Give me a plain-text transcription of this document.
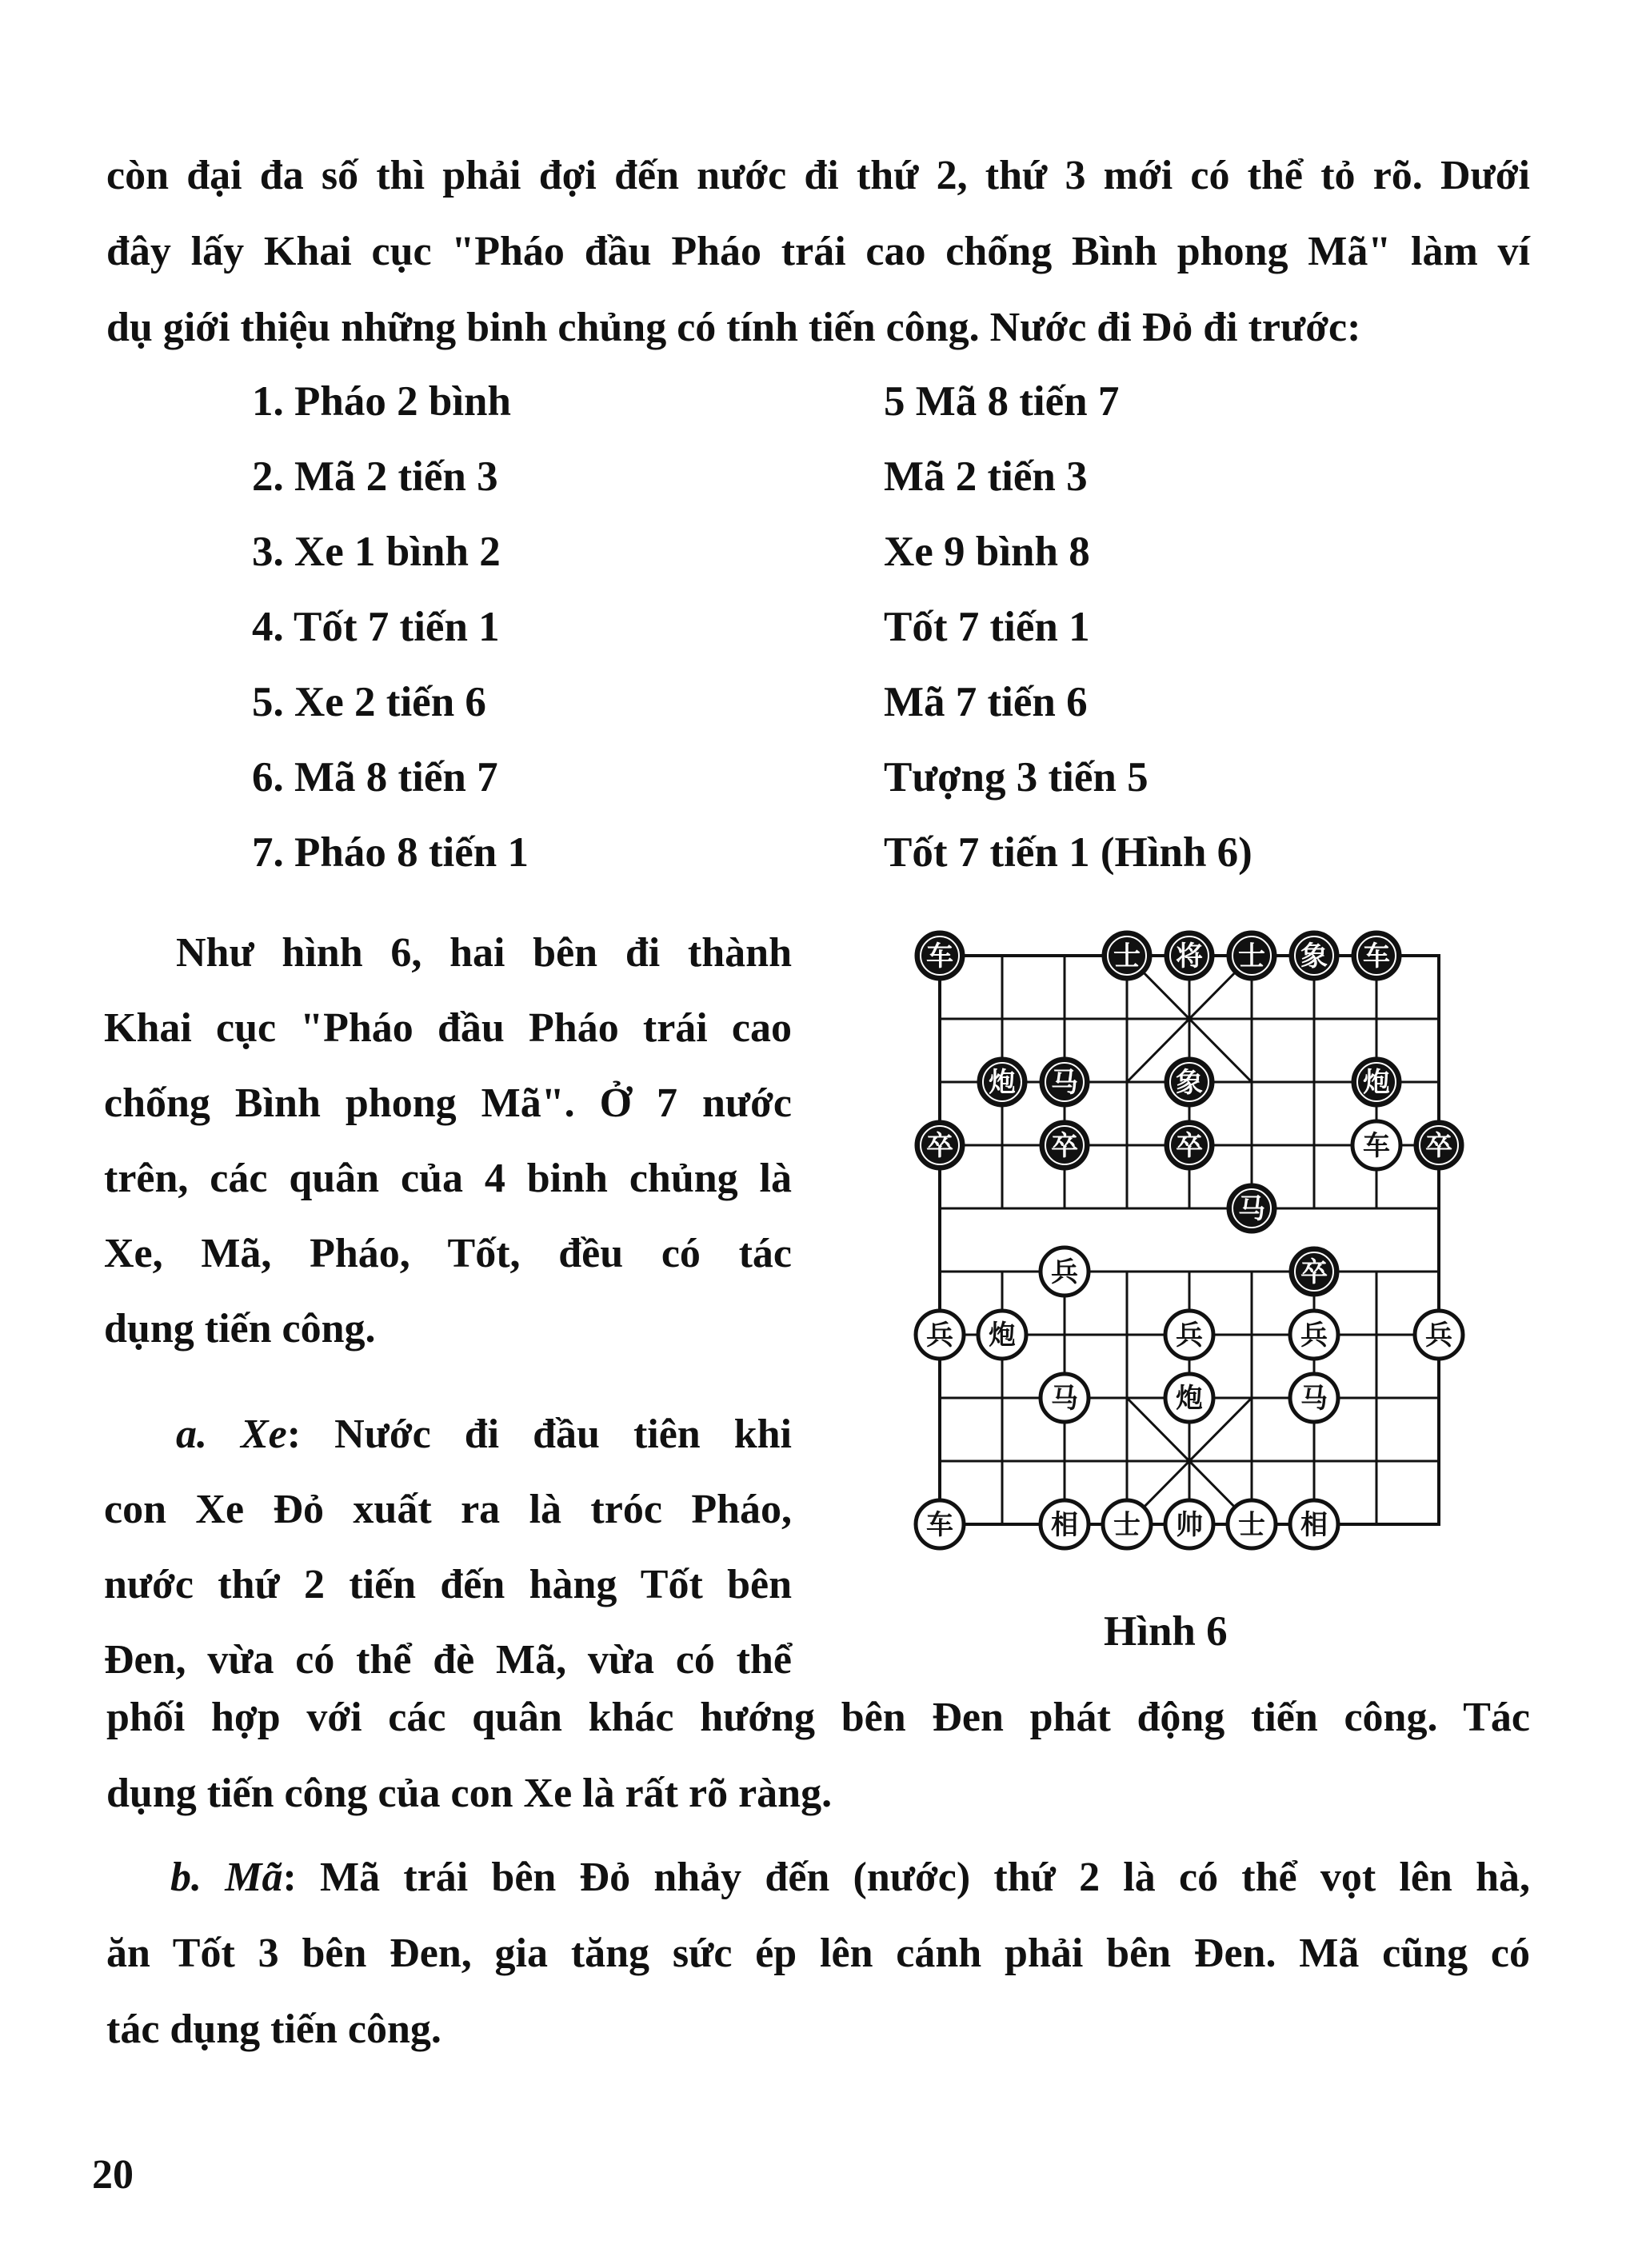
còn đại đa số thì phải đợi đến nước đi thứ 2, thứ 3 mới có thể tỏ rõ. Dưới
đây lấy Khai cục "Pháo đầu Pháo trái cao chống Bình phong Mã" làm ví
dụ giới thiệu những binh chủng có tính tiến công. Nước đi Đỏ đi trước:
1. Pháo 2 bình	5 Mã 8 tiến 7
2. Mã 2 tiến 3	Mã 2 tiến 3
3. Xe 1 bình 2	Xe 9 bình 8
4. Tốt 7 tiến 1	Tốt 7 tiến 1
5. Xe 2 tiến 6	Mã 7 tiến 6
6. Mã 8 tiến 7	Tượng 3 tiến 5
7. Pháo 8 tiến 1	Tốt 7 tiến 1 (Hình 6)
Như hình 6, hai bên đi thành
Khai cục "Pháo đầu Pháo trái cao
chống Bình phong Mã". Ở 7 nước
trên, các quân của 4 binh chủng là
Xe, Mã, Pháo, Tốt, đều có tác
dụng tiến công.
a. Xe: Nước đi đầu tiên khi
con Xe Đỏ xuất ra là tróc Pháo,
nước thứ 2 tiến đến hàng Tốt bên
Đen, vừa có thể đè Mã, vừa có thể
车	士 将 士 象 车
炮 马	象	炮
卒	卒	卒	卒
马
卒
车
兵
兵 炮	兵	兵	兵
马	炮	马
车	相 士 帅 士 相
Hình 6
phối hợp với các quân khác hướng bên Đen phát động tiến công. Tác
dụng tiến công của con Xe là rất rõ ràng.
b. Mã: Mã trái bên Đỏ nhảy đến (nước) thứ 2 là có thể vọt lên hà,
ăn Tốt 3 bên Đen, gia tăng sức ép lên cánh phải bên Đen. Mã cũng có
tác dụng tiến công.
20
